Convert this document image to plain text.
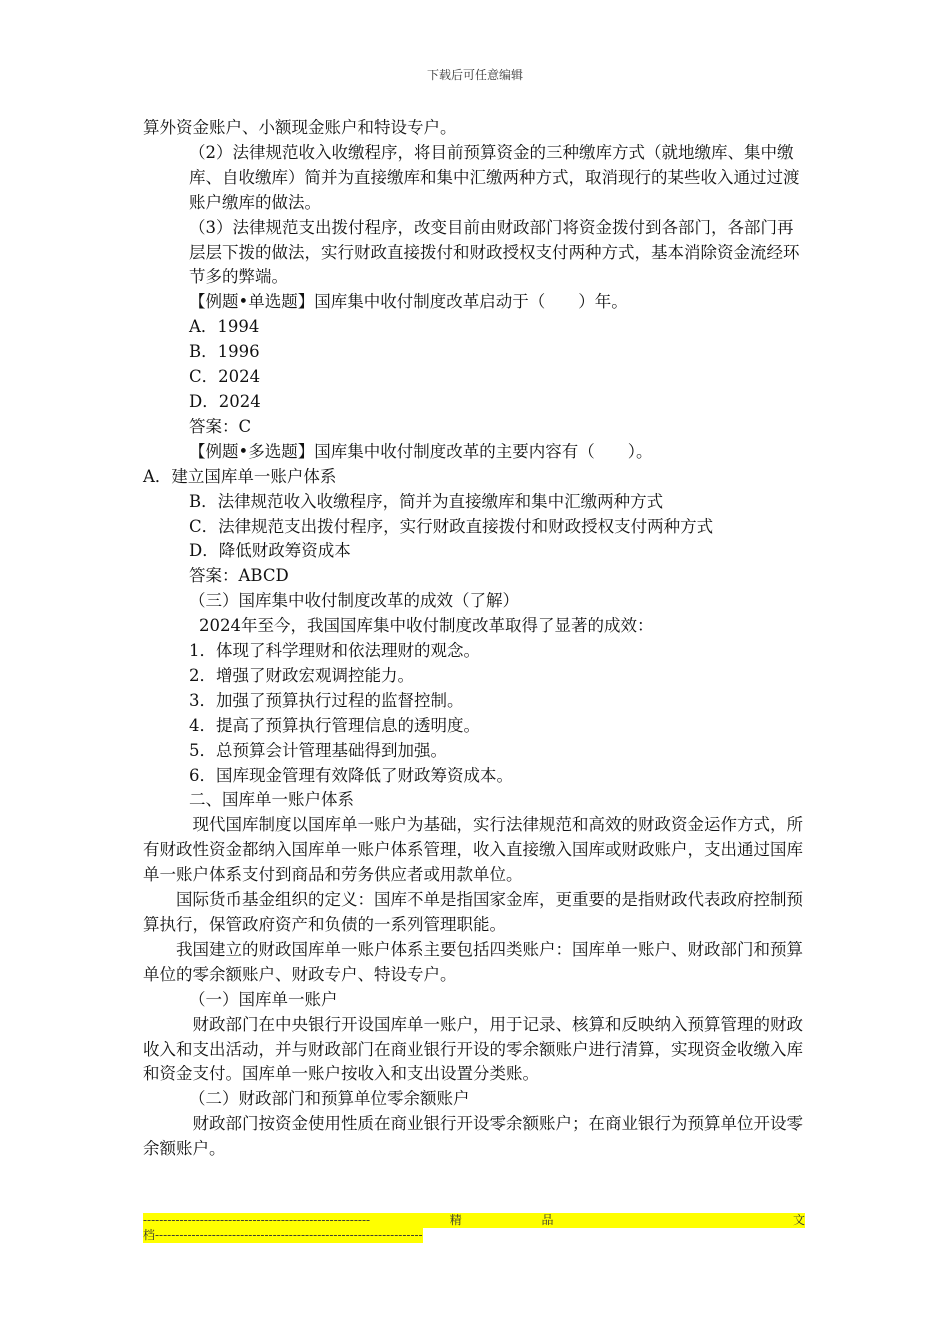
下载后可任意编辑

算外资金账户、小额现金账户和特设专户。

（2）法律规范收入收缴程序，将目前预算资金的三种缴库方式（就地缴库、集中缴库、自收缴库）简并为直接缴库和集中汇缴两种方式，取消现行的某些收入通过过渡账户缴库的做法。

（3）法律规范支出拨付程序，改变目前由财政部门将资金拨付到各部门，各部门再层层下拨的做法，实行财政直接拨付和财政授权支付两种方式，基本消除资金流经环节多的弊端。

【例题•单选题】国库集中收付制度改革启动于（　　）年。

A．1994

B．1996

C．2024

D．2024

答案：C

【例题•多选题】国库集中收付制度改革的主要内容有（　　）。

A．建立国库单一账户体系

B．法律规范收入收缴程序，简并为直接缴库和集中汇缴两种方式

C．法律规范支出拨付程序，实行财政直接拨付和财政授权支付两种方式

D．降低财政筹资成本

答案：ABCD

（三）国库集中收付制度改革的成效（了解）

2024年至今，我国国库集中收付制度改革取得了显著的成效：

1．体现了科学理财和依法理财的观念。

2．增强了财政宏观调控能力。

3．加强了预算执行过程的监督控制。

4．提高了预算执行管理信息的透明度。

5．总预算会计管理基础得到加强。

6．国库现金管理有效降低了财政筹资成本。

二、国库单一账户体系

　现代国库制度以国库单一账户为基础，实行法律规范和高效的财政资金运作方式，所有财政性资金都纳入国库单一账户体系管理，收入直接缴入国库或财政账户，支出通过国库单一账户体系支付到商品和劳务供应者或用款单位。

国际货币基金组织的定义：国库不单是指国家金库，更重要的是指财政代表政府控制预算执行，保管政府资产和负债的一系列管理职能。

我国建立的财政国库单一账户体系主要包括四类账户：国库单一账户、财政部门和预算单位的零余额账户、财政专户、特设专户。

（一）国库单一账户

　财政部门在中央银行开设国库单一账户，用于记录、核算和反映纳入预算管理的财政收入和支出活动，并与财政部门在商业银行开设的零余额账户进行清算，实现资金收缴入库和资金支付。国库单一账户按收入和支出设置分类账。

（二）财政部门和预算单位零余额账户

　财政部门按资金使用性质在商业银行开设零余额账户；在商业银行为预算单位开设零余额账户。

--------------------------------------------------------	精	品	文
档------------------------------------------------------------------
